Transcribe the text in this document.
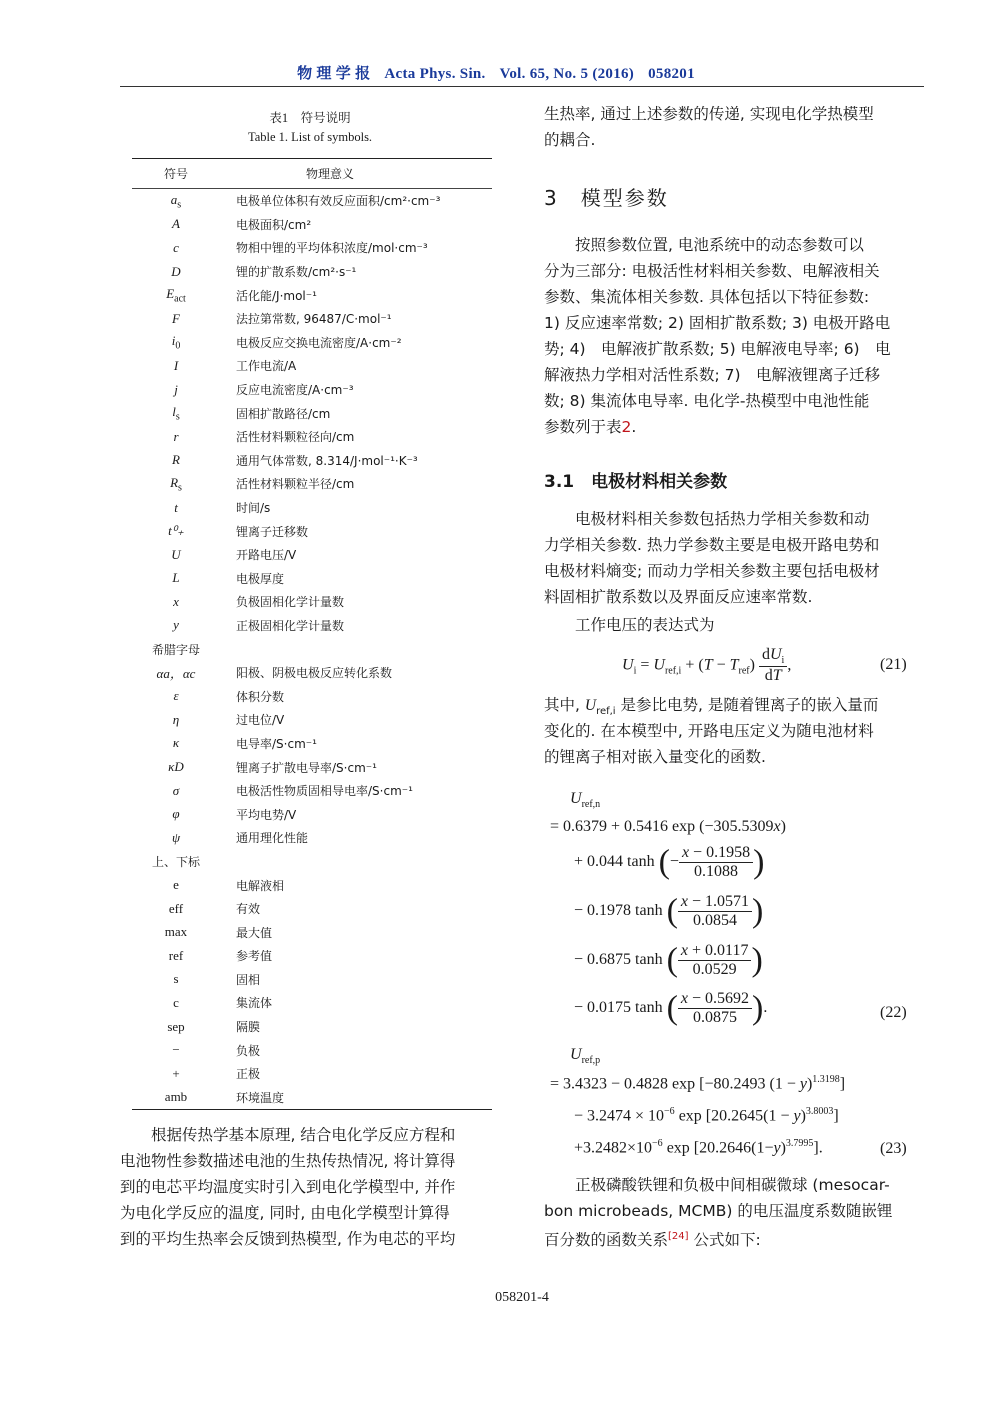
物 理 学 报 Acta Phys. Sin. Vol. 65, No. 5 (2016) 058201
表1　符号说明
Table 1. List of symbols.
符号	物理意义
$a_s$	电极单位体积有效反应面积/cm²·cm⁻³
A	电极面积/cm²
c	物相中锂的平均体积浓度/mol·cm⁻³
D	锂的扩散系数/cm²·s⁻¹
$E_{act}$	活化能/J·mol⁻¹
F	法拉第常数, 96487/C·mol⁻¹
$i_0$	电极反应交换电流密度/A·cm⁻²
I	工作电流/A
j	反应电流密度/A·cm⁻³
$l_s$	固相扩散路径/cm
r	活性材料颗粒径向/cm
R	通用气体常数, 8.314/J·mol⁻¹·K⁻³
$R_s$	活性材料颗粒半径/cm
t	时间/s
t⁰₊	锂离子迁移数
U	开路电压/V
L	电极厚度
x	负极固相化学计量数
y	正极固相化学计量数
希腊字母
αa，αc	阳极、阴极电极反应转化系数
ε	体积分数
η	过电位/V
κ	电导率/S·cm⁻¹
κD	锂离子扩散电导率/S·cm⁻¹
σ	电极活性物质固相导电率/S·cm⁻¹
φ	平均电势/V
ψ	通用理化性能
上、下标
e	电解液相
eff	有效
max	最大值
ref	参考值
s	固相
c	集流体
sep	隔膜
−	负极
+	正极
amb	环境温度
　　根据传热学基本原理, 结合电化学反应方程和
电池物性参数描述电池的生热传热情况, 将计算得
到的电芯平均温度实时引入到电化学模型中, 并作
为电化学反应的温度, 同时, 由电化学模型计算得
到的平均生热率会反馈到热模型, 作为电芯的平均
生热率, 通过上述参数的传递, 实现电化学热模型
的耦合.
3　模型参数
　　按照参数位置, 电池系统中的动态参数可以
分为三部分: 电极活性材料相关参数、电解液相关
参数、集流体相关参数. 具体包括以下特征参数:
1) 反应速率常数; 2) 固相扩散系数; 3) 电极开路电
势; 4)　电解液扩散系数; 5) 电解液电导率; 6)　电
解液热力学相对活性系数; 7)　电解液锂离子迁移
数; 8) 集流体电导率. 电化学-热模型中电池性能
参数列于表2.
3.1　电极材料相关参数
　　电极材料相关参数包括热力学相关参数和动
力学相关参数. 热力学参数主要是电极开路电势和
电极材料熵变; 而动力学相关参数主要包括电极材
料固相扩散系数以及界面反应速率常数.
　　工作电压的表达式为
$U_i = U_{ref,i} + (T - T_{ref}) \frac{dU_i}{dT}$ ,	(21)
其中, $U_{ref,i}$ 是参比电势, 是随着锂离子的嵌入量而
变化的. 在本模型中, 开路电压定义为随电池材料
的锂离子相对嵌入量变化的函数.
$U_{ref,n}$
= 0.6379 + 0.5416 exp (−305.5309x)
+ 0.044 tanh (− $\frac{x - 0.1958}{0.1088}$ )
− 0.1978 tanh ( $\frac{x - 1.0571}{0.0854}$ )
− 0.6875 tanh ( $\frac{x + 0.0117}{0.0529}$ )
− 0.0175 tanh ( $\frac{x - 0.5692}{0.0875}$ ).	(22)
$U_{ref,p}$
= 3.4323 − 0.4828 exp [−80.2493 $(1 - y)^{1.3198}$]
− $3.2474 \times 10^{-6}$ $\exp [20.2645(1 - y)^{3.8003}]$
$+3.2482\times 10^{-6}$ $\exp [20.2646(1-y)^{3.7995}]$.	(23)
　　正极磷酸铁锂和负极中间相碳微球 (mesocar-
bon microbeads, MCMB) 的电压温度系数随嵌锂
百分数的函数关系[24] 公式如下:
058201-4
